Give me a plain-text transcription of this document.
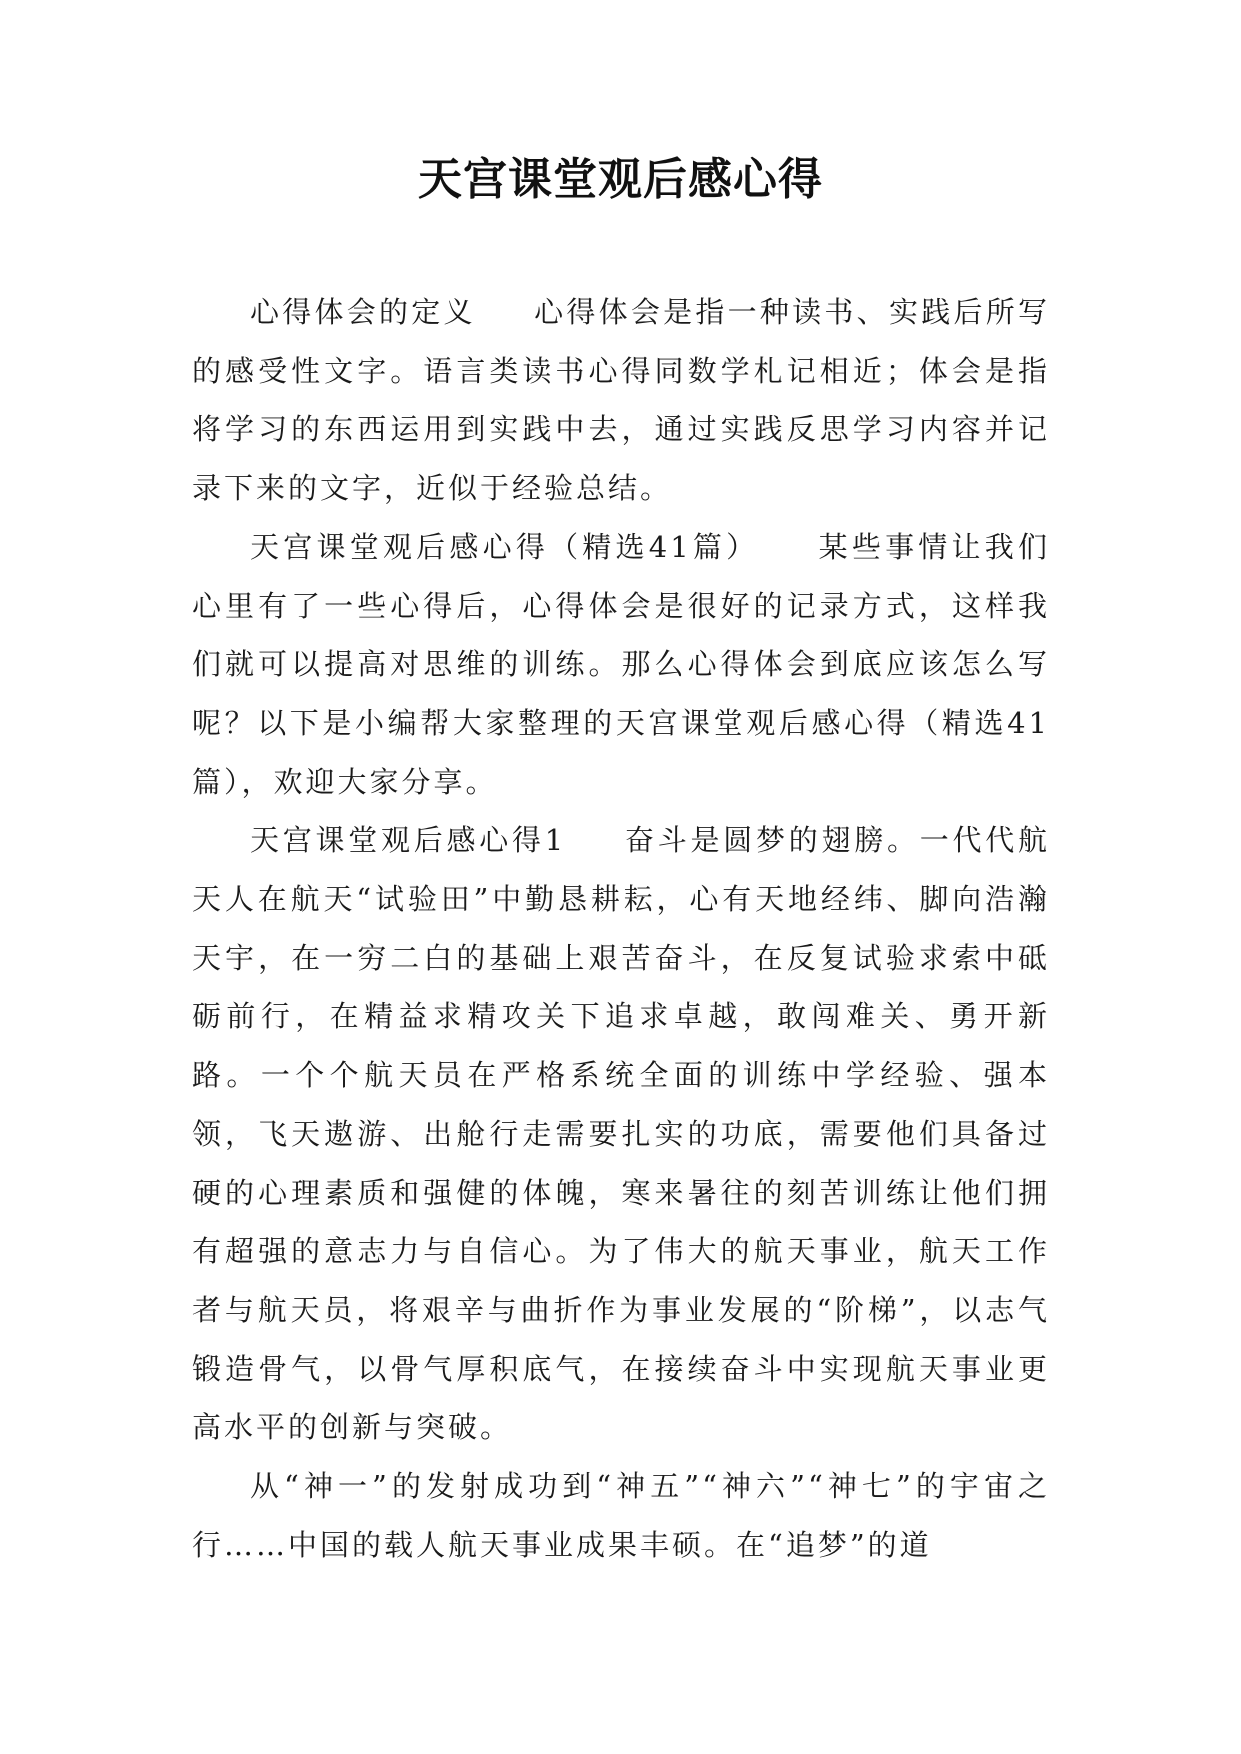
天宫课堂观后感心得

心得体会的定义 心得体会是指一种读书、实践后所写的感受性文字。语言类读书心得同数学札记相近；体会是指将学习的东西运用到实践中去，通过实践反思学习内容并记录下来的文字，近似于经验总结。

天宫课堂观后感心得（精选41篇） 某些事情让我们心里有了一些心得后，心得体会是很好的记录方式，这样我们就可以提高对思维的训练。那么心得体会到底应该怎么写呢？以下是小编帮大家整理的天宫课堂观后感心得（精选41篇），欢迎大家分享。

天宫课堂观后感心得1 奋斗是圆梦的翅膀。一代代航天人在航天“试验田”中勤恳耕耘，心有天地经纬、脚向浩瀚天宇，在一穷二白的基础上艰苦奋斗，在反复试验求索中砥砺前行，在精益求精攻关下追求卓越，敢闯难关、勇开新路。一个个航天员在严格系统全面的训练中学经验、强本领，飞天遨游、出舱行走需要扎实的功底，需要他们具备过硬的心理素质和强健的体魄，寒来暑往的刻苦训练让他们拥有超强的意志力与自信心。为了伟大的航天事业，航天工作者与航天员，将艰辛与曲折作为事业发展的“阶梯”，以志气锻造骨气，以骨气厚积底气，在接续奋斗中实现航天事业更高水平的创新与突破。

从“神一”的发射成功到“神五”“神六”“神七”的宇宙之行……中国的载人航天事业成果丰硕。在“追梦”的道
